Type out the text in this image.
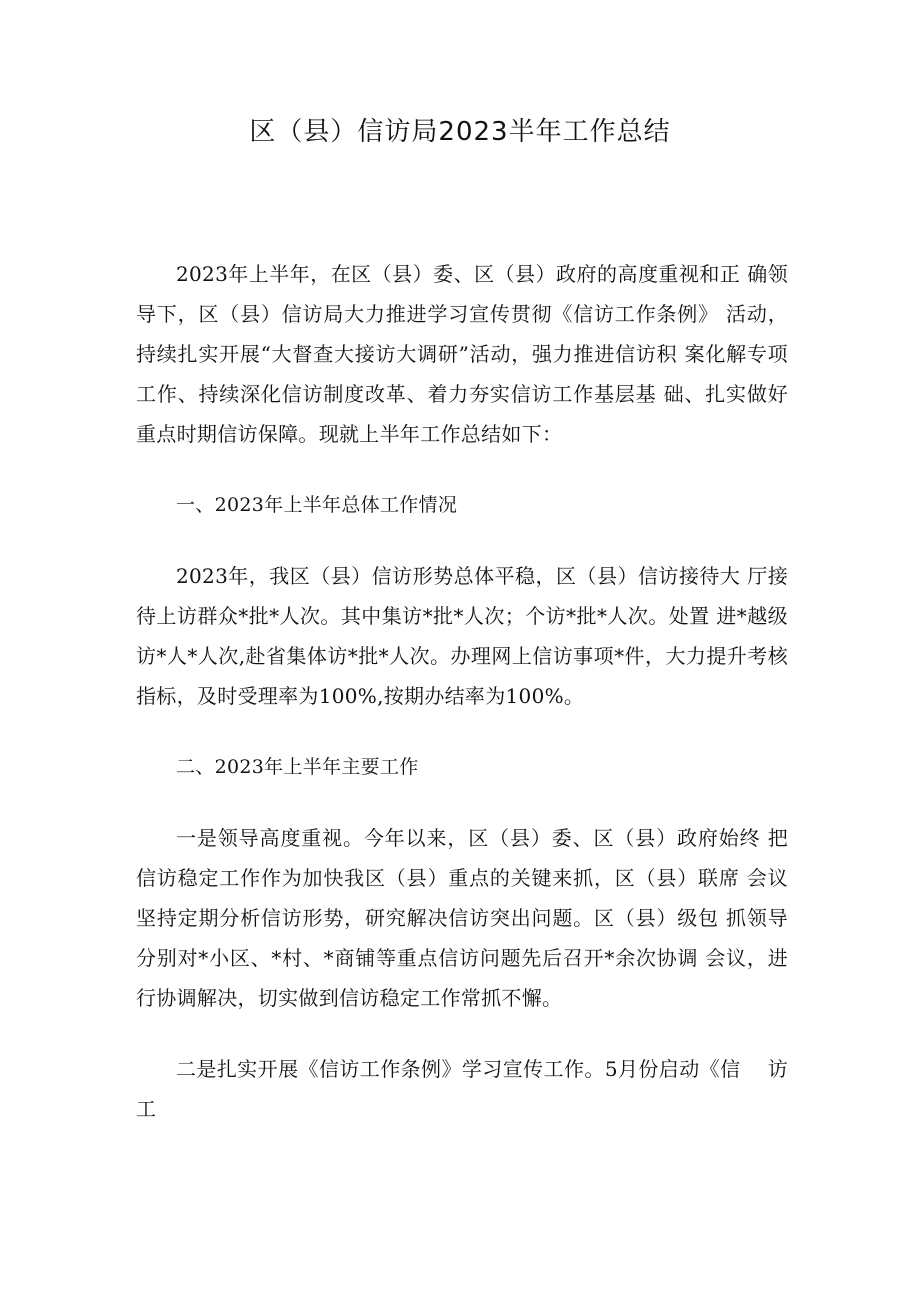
区（县）信访局2023半年工作总结

2023年上半年，在区（县）委、区（县）政府的高度重视和正 确领导下，区（县）信访局大力推进学习宣传贯彻《信访工作条例》 活动，持续扎实开展“大督查大接访大调研”活动，强力推进信访积 案化解专项工作、持续深化信访制度改革、着力夯实信访工作基层基 础、扎实做好重点时期信访保障。现就上半年工作总结如下：

一、2023年上半年总体工作情况

2023年，我区（县）信访形势总体平稳，区（县）信访接待大 厅接待上访群众*批*人次。其中集访*批*人次；个访*批*人次。处置 进*越级访*人*人次,赴省集体访*批*人次。办理网上信访事项*件，大力提升考核指标，及时受理率为100%,按期办结率为100%。

二、2023年上半年主要工作

一是领导高度重视。今年以来，区（县）委、区（县）政府始终 把信访稳定工作作为加快我区（县）重点的关键来抓，区（县）联席 会议坚持定期分析信访形势，研究解决信访突出问题。区（县）级包 抓领导分别对*小区、*村、*商铺等重点信访问题先后召开*余次协调 会议，进行协调解决，切实做到信访稳定工作常抓不懈。

二是扎实开展《信访工作条例》学习宣传工作。5月份启动《信　 访工
